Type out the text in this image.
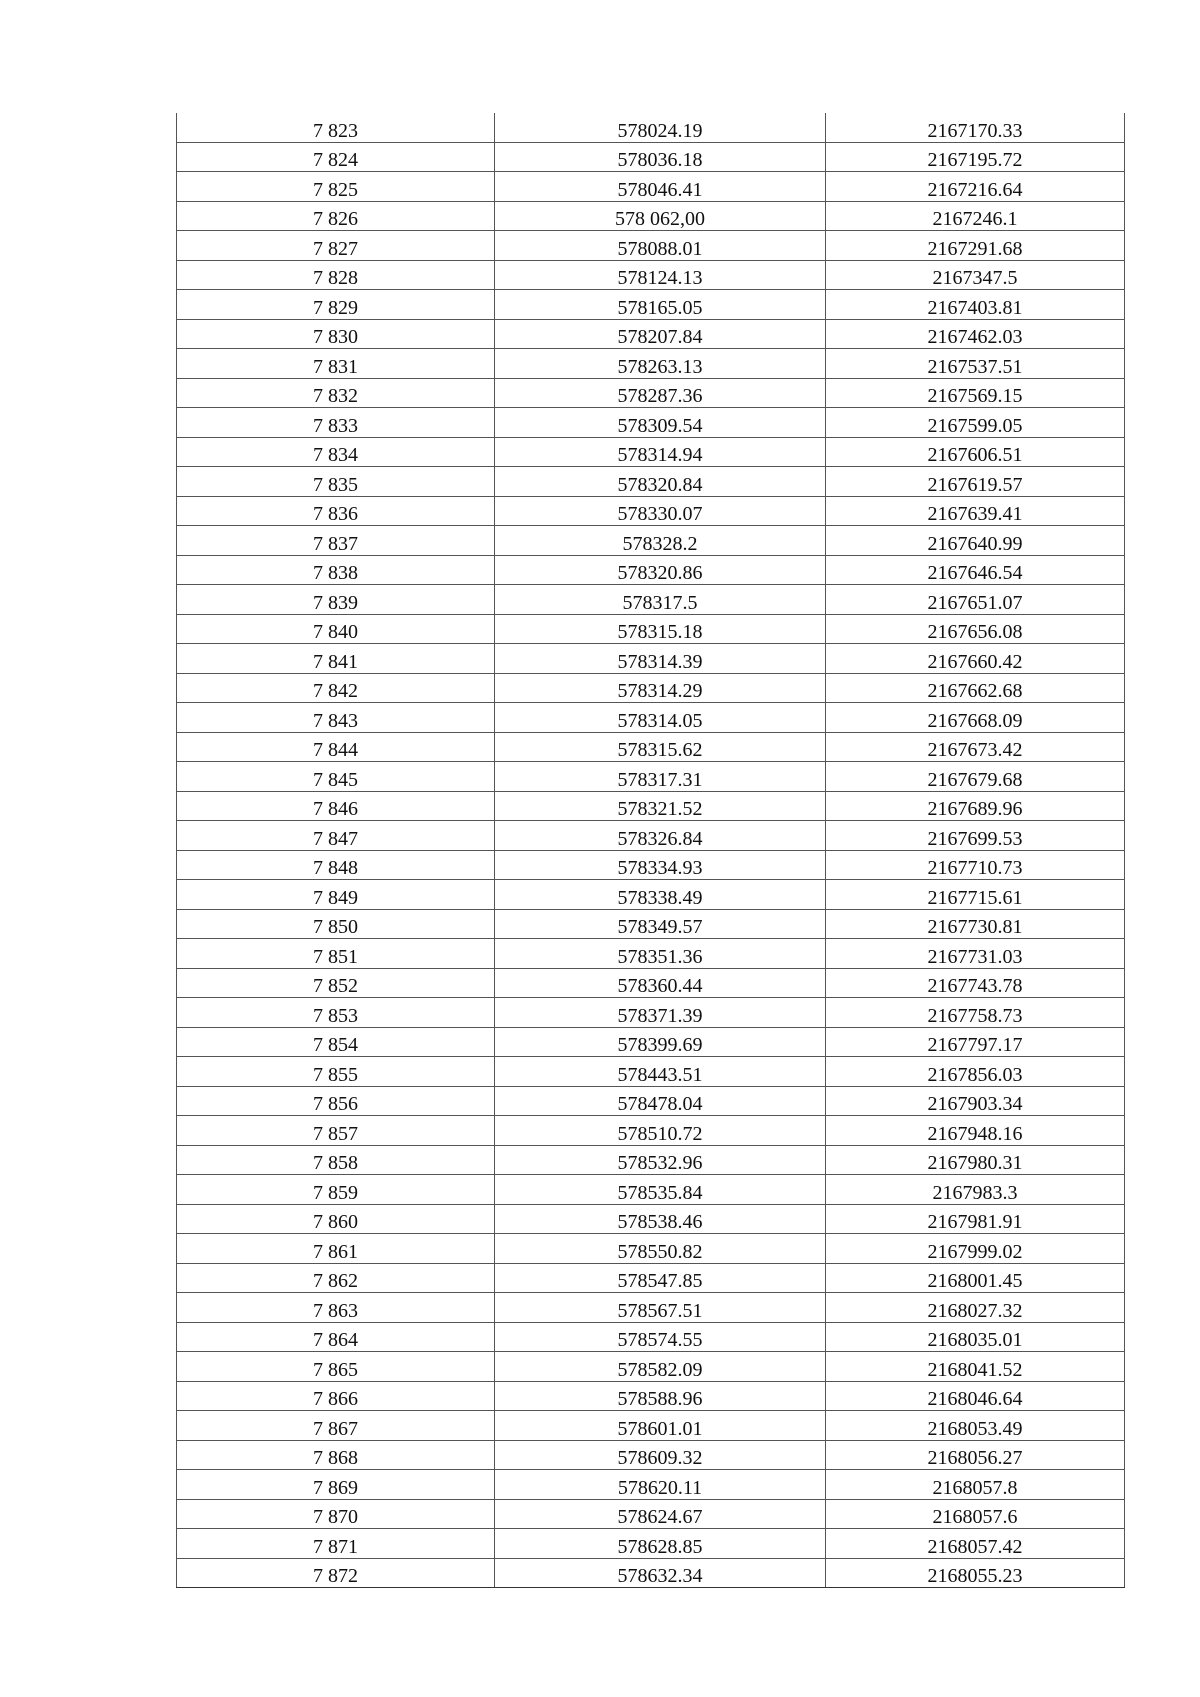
7 823	578024.19	2167170.33
7 824	578036.18	2167195.72
7 825	578046.41	2167216.64
7 826	578 062,00	2167246.1
7 827	578088.01	2167291.68
7 828	578124.13	2167347.5
7 829	578165.05	2167403.81
7 830	578207.84	2167462.03
7 831	578263.13	2167537.51
7 832	578287.36	2167569.15
7 833	578309.54	2167599.05
7 834	578314.94	2167606.51
7 835	578320.84	2167619.57
7 836	578330.07	2167639.41
7 837	578328.2	2167640.99
7 838	578320.86	2167646.54
7 839	578317.5	2167651.07
7 840	578315.18	2167656.08
7 841	578314.39	2167660.42
7 842	578314.29	2167662.68
7 843	578314.05	2167668.09
7 844	578315.62	2167673.42
7 845	578317.31	2167679.68
7 846	578321.52	2167689.96
7 847	578326.84	2167699.53
7 848	578334.93	2167710.73
7 849	578338.49	2167715.61
7 850	578349.57	2167730.81
7 851	578351.36	2167731.03
7 852	578360.44	2167743.78
7 853	578371.39	2167758.73
7 854	578399.69	2167797.17
7 855	578443.51	2167856.03
7 856	578478.04	2167903.34
7 857	578510.72	2167948.16
7 858	578532.96	2167980.31
7 859	578535.84	2167983.3
7 860	578538.46	2167981.91
7 861	578550.82	2167999.02
7 862	578547.85	2168001.45
7 863	578567.51	2168027.32
7 864	578574.55	2168035.01
7 865	578582.09	2168041.52
7 866	578588.96	2168046.64
7 867	578601.01	2168053.49
7 868	578609.32	2168056.27
7 869	578620.11	2168057.8
7 870	578624.67	2168057.6
7 871	578628.85	2168057.42
7 872	578632.34	2168055.23
